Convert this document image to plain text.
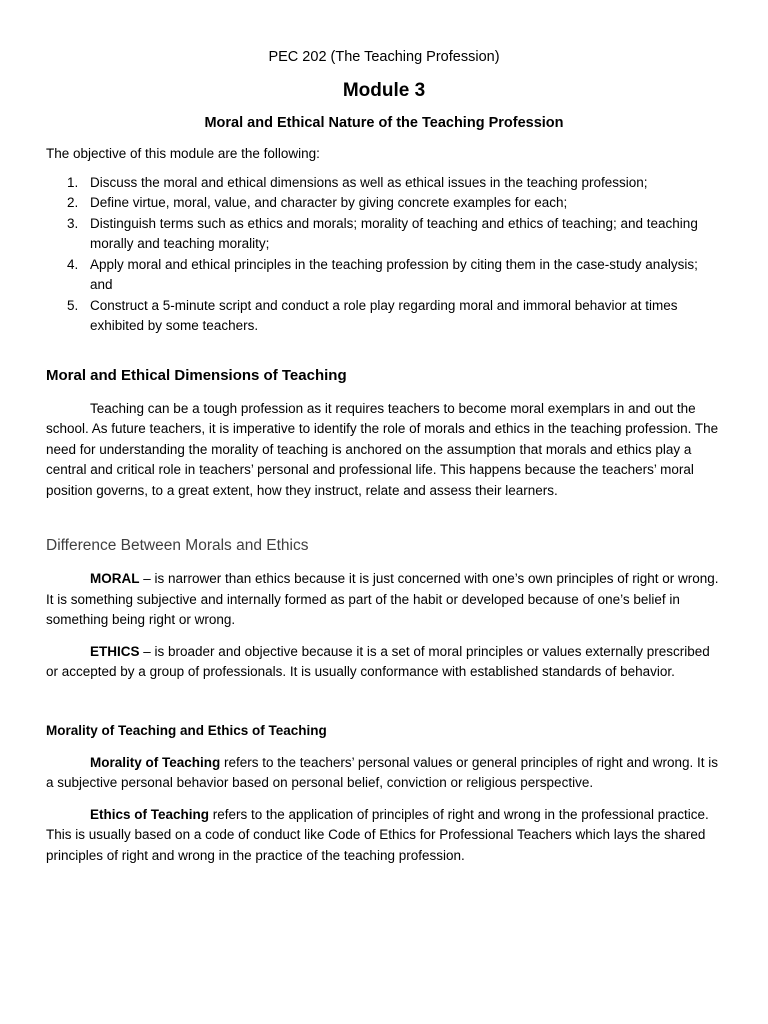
PEC 202 (The Teaching Profession)

Module 3
Moral and Ethical Nature of the Teaching Profession

The objective of this module are the following:

1. Discuss the moral and ethical dimensions as well as ethical issues in the teaching profession;
2. Define virtue, moral, value, and character by giving concrete examples for each;
3. Distinguish terms such as ethics and morals; morality of teaching and ethics of teaching; and teaching morally and teaching morality;
4. Apply moral and ethical principles in the teaching profession by citing them in the case-study analysis; and
5. Construct a 5-minute script and conduct a role play regarding moral and immoral behavior at times exhibited by some teachers.
Moral and Ethical Dimensions of Teaching

Teaching can be a tough profession as it requires teachers to become moral exemplars in and out the school. As future teachers, it is imperative to identify the role of morals and ethics in the teaching profession. The need for understanding the morality of teaching is anchored on the assumption that morals and ethics play a central and critical role in teachers’ personal and professional life. This happens because the teachers’ moral position governs, to a great extent, how they instruct, relate and assess their learners.

Difference Between Morals and Ethics

MORAL – is narrower than ethics because it is just concerned with one’s own principles of right or wrong. It is something subjective and internally formed as part of the habit or developed because of one’s belief in something being right or wrong.

ETHICS – is broader and objective because it is a set of moral principles or values externally prescribed or accepted by a group of professionals. It is usually conformance with established standards of behavior.

Morality of Teaching and Ethics of Teaching

Morality of Teaching refers to the teachers’ personal values or general principles of right and wrong. It is a subjective personal behavior based on personal belief, conviction or religious perspective.

Ethics of Teaching refers to the application of principles of right and wrong in the professional practice. This is usually based on a code of conduct like Code of Ethics for Professional Teachers which lays the shared principles of right and wrong in the practice of the teaching profession.
